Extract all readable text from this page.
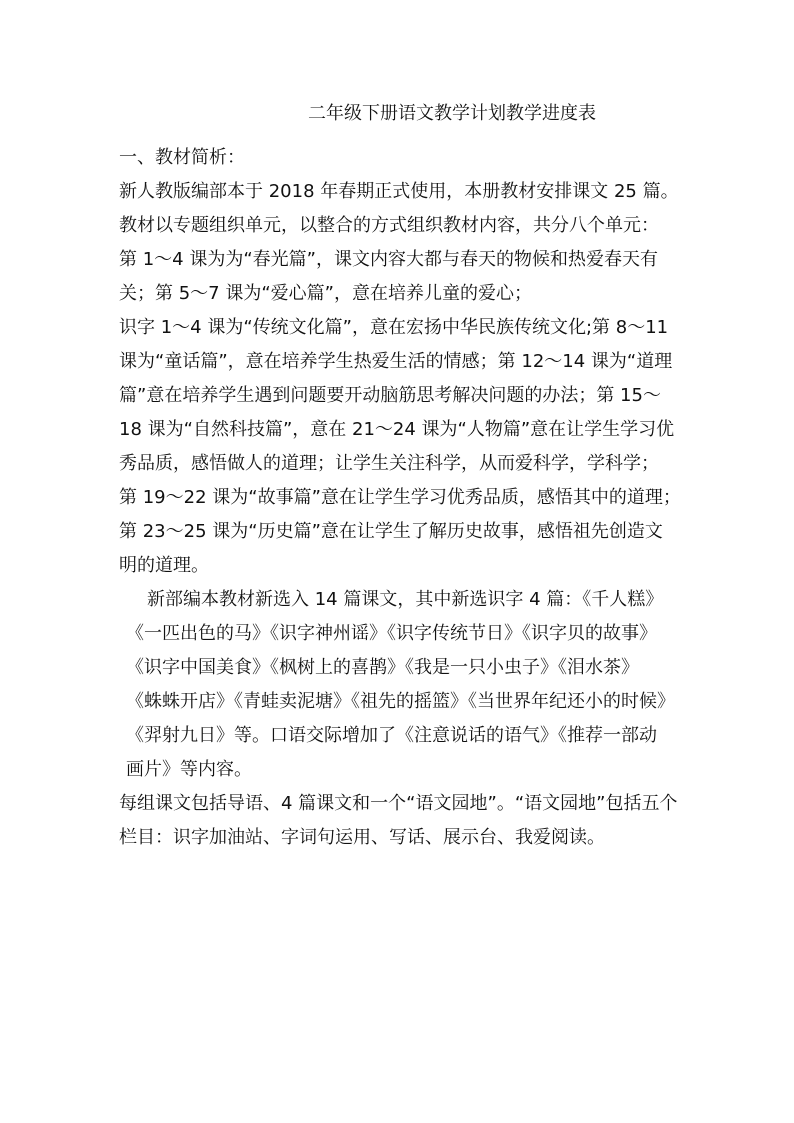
二年级下册语文教学计划教学进度表

一、教材简析：

新人教版编部本于 2018 年春期正式使用，本册教材安排课文 25 篇。

教材以专题组织单元，以整合的方式组织教材内容，共分八个单元：

第 1～4 课为为“春光篇”，课文内容大都与春天的物候和热爱春天有

关；第 5～7 课为“爱心篇”，意在培养儿童的爱心；

识字 1～4 课为“传统文化篇”，意在宏扬中华民族传统文化;第 8～11

课为“童话篇”，意在培养学生热爱生活的情感；第 12～14 课为“道理

篇”意在培养学生遇到问题要开动脑筋思考解决问题的办法；第 15～

18 课为“自然科技篇”，意在 21～24 课为“人物篇”意在让学生学习优

秀品质，感悟做人的道理；让学生关注科学，从而爱科学，学科学；

第 19～22 课为“故事篇”意在让学生学习优秀品质，感悟其中的道理；

第 23～25 课为“历史篇”意在让学生了解历史故事，感悟祖先创造文

明的道理。

新部编本教材新选入 14 篇课文，其中新选识字 4 篇：《千人糕》

《一匹出色的马》《识字神州谣》《识字传统节日》《识字贝的故事》

《识字中国美食》《枫树上的喜鹊》《我是一只小虫子》《泪水茶》

《蛛蛛开店》《青蛙卖泥塘》《祖先的摇篮》《当世界年纪还小的时候》

《羿射九日》等。口语交际增加了《注意说话的语气》《推荐一部动

画片》等内容。

每组课文包括导语、4 篇课文和一个“语文园地”。“语文园地”包括五个

栏目：识字加油站、字词句运用、写话、展示台、我爱阅读。
